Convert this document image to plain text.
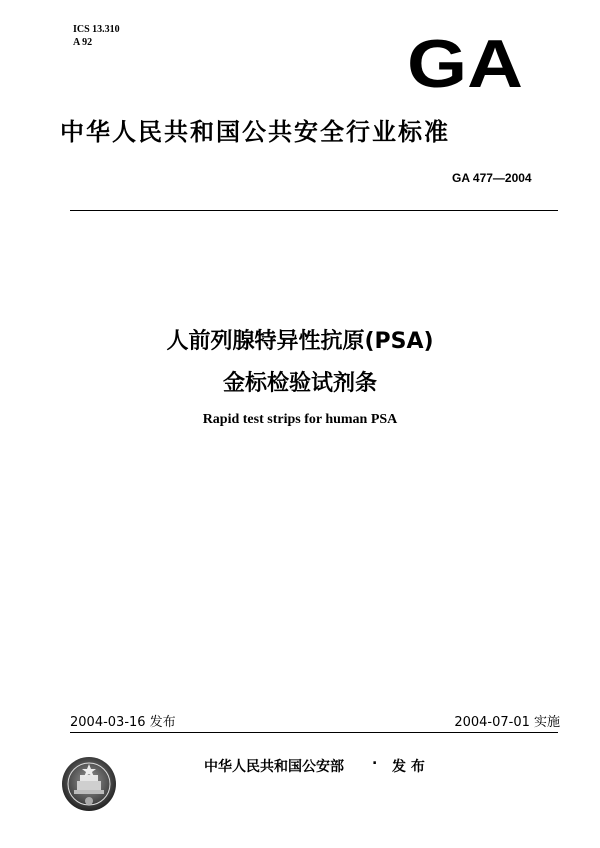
ICS 13.310
A 92	GA
中华人民共和国公共安全行业标准
GA 477—2004
人前列腺特异性抗原(PSA)
金标检验试剂条
Rapid test strips for human PSA
2004-03-16 发布	2004-07-01 实施
中华人民共和国公安部 . 发 布
